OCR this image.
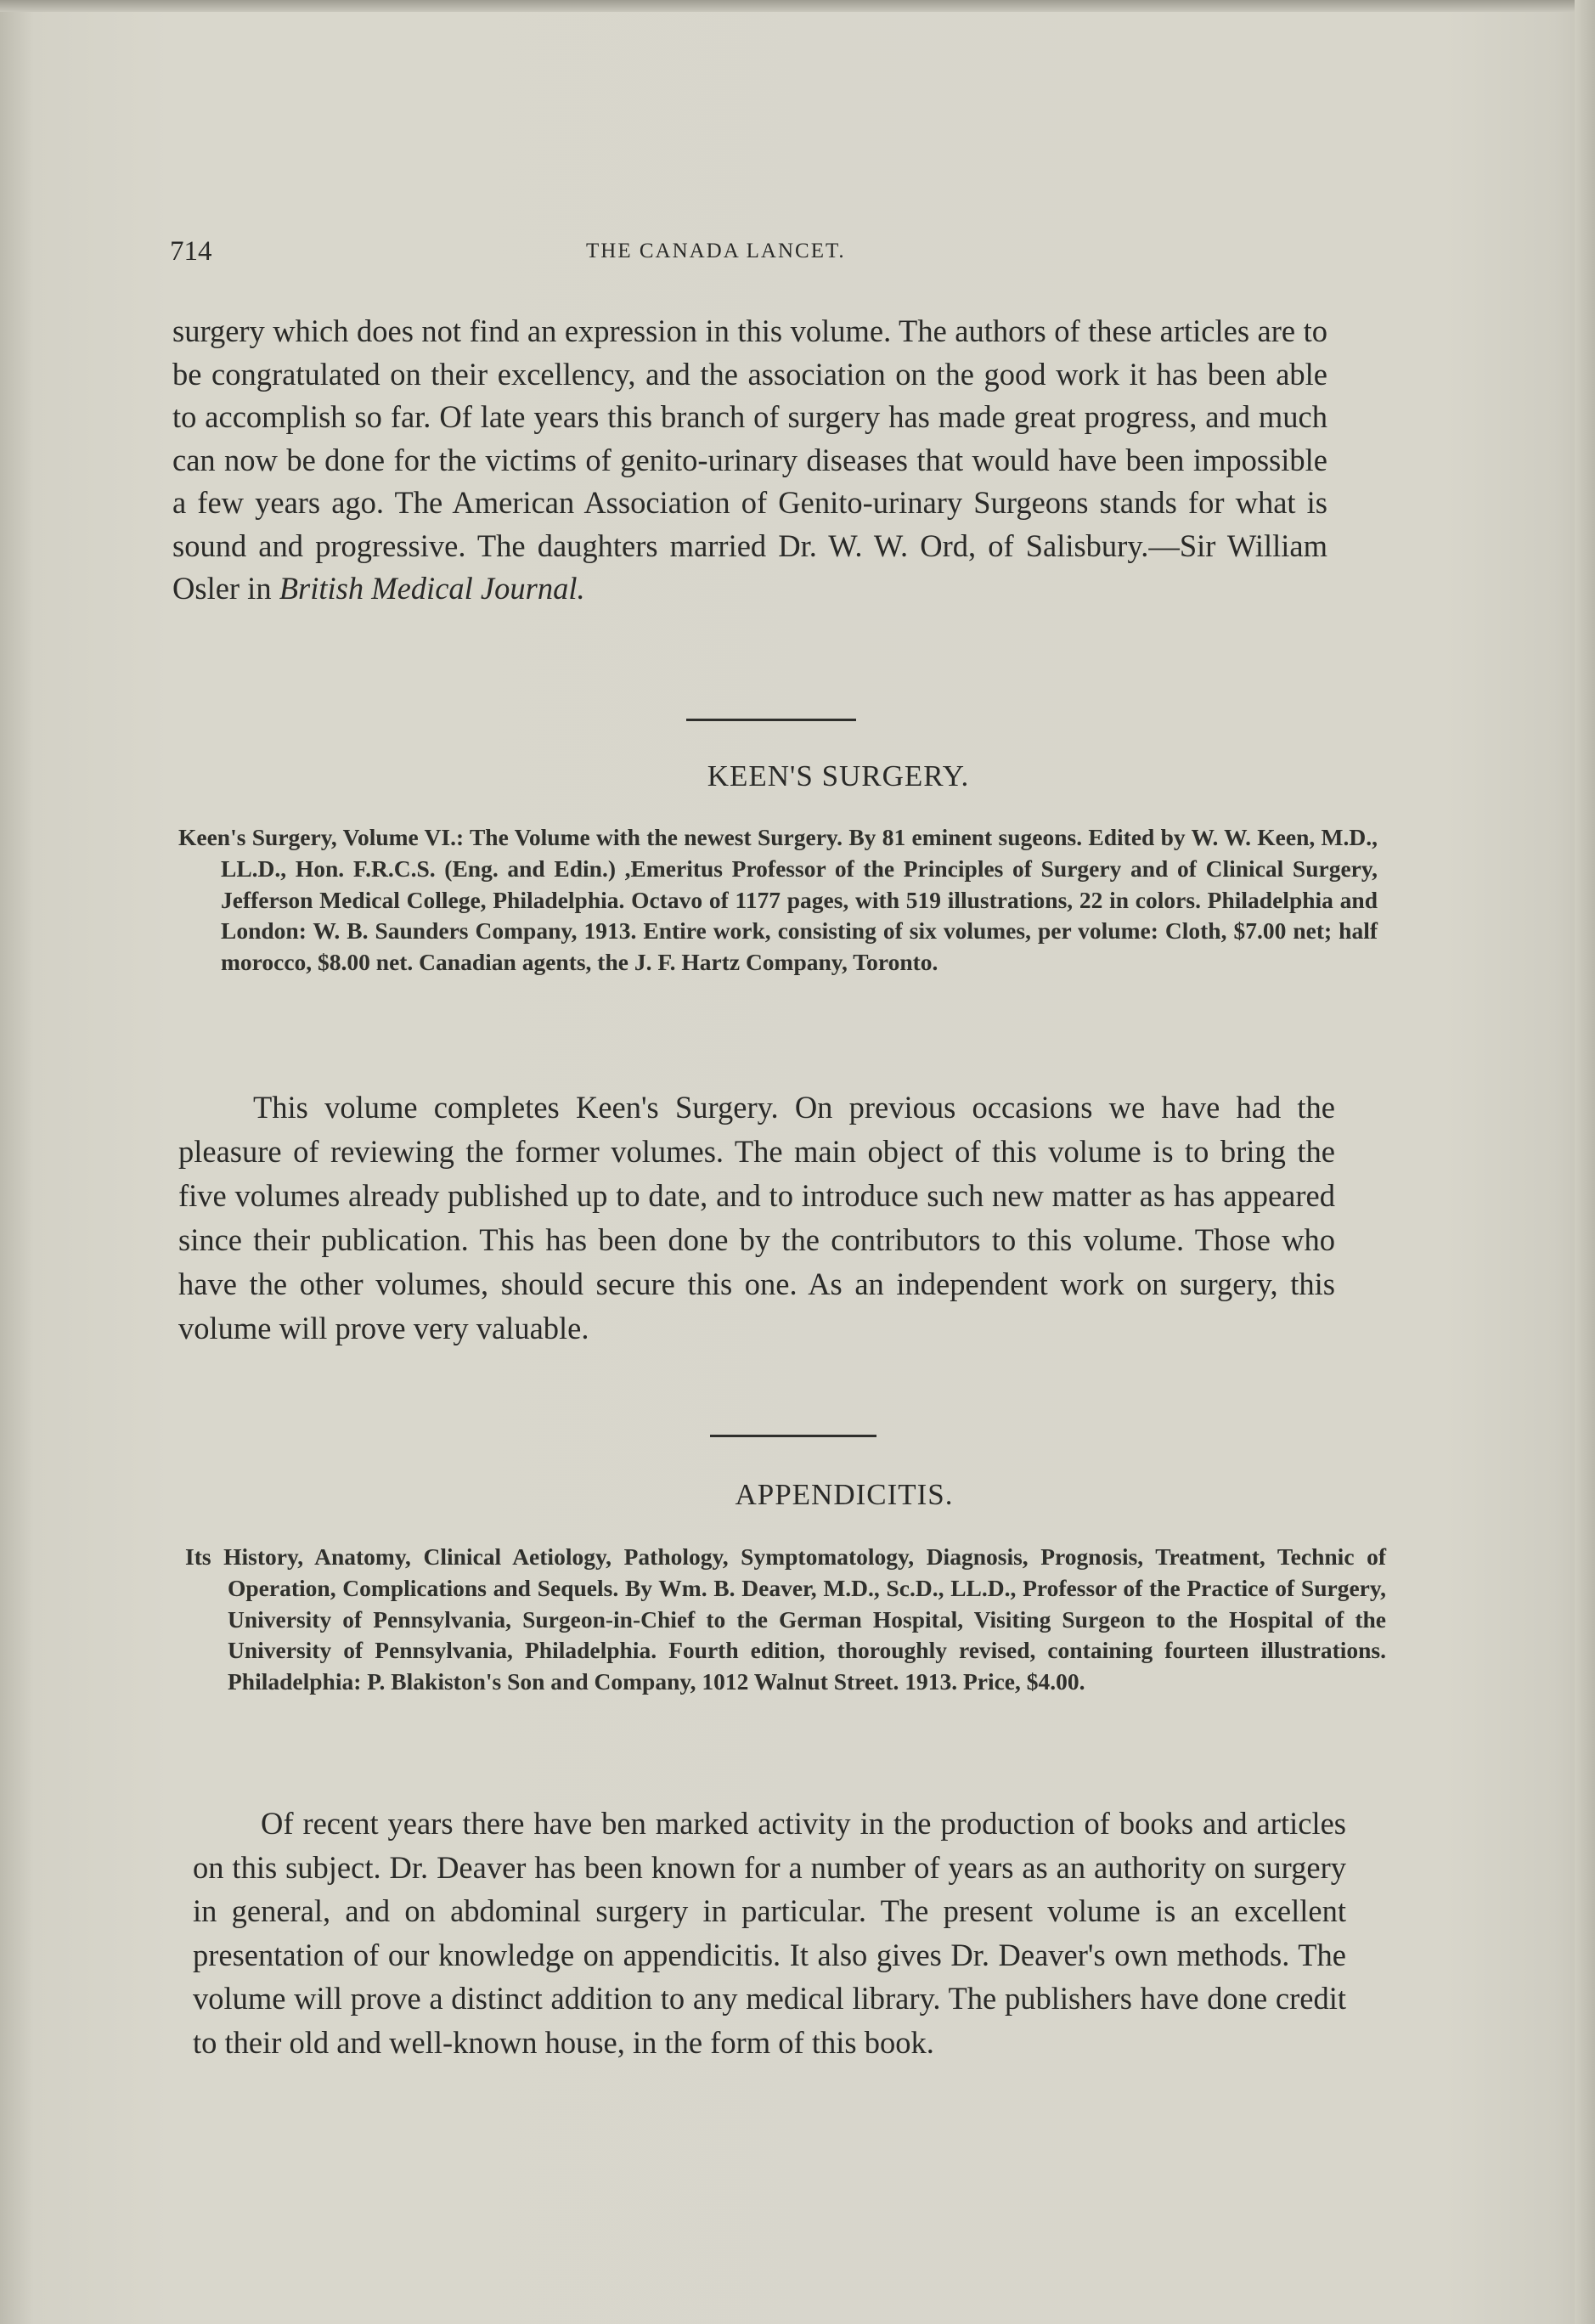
714	THE CANADA LANCET.

surgery which does not find an expression in this volume. The authors of these articles are to be congratulated on their excellency, and the association on the good work it has been able to accomplish so far. Of late years this branch of surgery has made great progress, and much can now be done for the victims of genito-urinary diseases that would have been impossible a few years ago. The American Association of Genito-urinary Surgeons stands for what is sound and progressive. The daughters married Dr. W. W. Ord, of Salisbury.—Sir William Osler in British Medical Journal.

KEEN'S SURGERY.

Keen's Surgery, Volume VI.: The Volume with the newest Surgery. By 81 eminent sugeons. Edited by W. W. Keen, M.D., LL.D., Hon. F.R.C.S. (Eng. and Edin.) ,Emeritus Professor of the Principles of Surgery and of Clinical Surgery, Jefferson Medical College, Philadelphia. Octavo of 1177 pages, with 519 illustrations, 22 in colors. Philadelphia and London: W. B. Saunders Company, 1913. Entire work, consisting of six volumes, per volume: Cloth, $7.00 net; half morocco, $8.00 net. Canadian agents, the J. F. Hartz Company, Toronto.

This volume completes Keen's Surgery. On previous occasions we have had the pleasure of reviewing the former volumes. The main object of this volume is to bring the five volumes already published up to date, and to introduce such new matter as has appeared since their publication. This has been done by the contributors to this volume. Those who have the other volumes, should secure this one. As an independent work on surgery, this volume will prove very valuable.

APPENDICITIS.

Its History, Anatomy, Clinical Aetiology, Pathology, Symptomatology, Diagnosis, Prognosis, Treatment, Technic of Operation, Complications and Sequels. By Wm. B. Deaver, M.D., Sc.D., LL.D., Professor of the Practice of Surgery, University of Pennsylvania, Surgeon-in-Chief to the German Hospital, Visiting Surgeon to the Hospital of the University of Pennsylvania, Philadelphia. Fourth edition, thoroughly revised, containing fourteen illustrations. Philadelphia: P. Blakiston's Son and Company, 1012 Walnut Street. 1913. Price, $4.00.

Of recent years there have ben marked activity in the production of books and articles on this subject. Dr. Deaver has been known for a number of years as an authority on surgery in general, and on abdominal surgery in particular. The present volume is an excellent presentation of our knowledge on appendicitis. It also gives Dr. Deaver's own methods. The volume will prove a distinct addition to any medical library. The publishers have done credit to their old and well-known house, in the form of this book.
